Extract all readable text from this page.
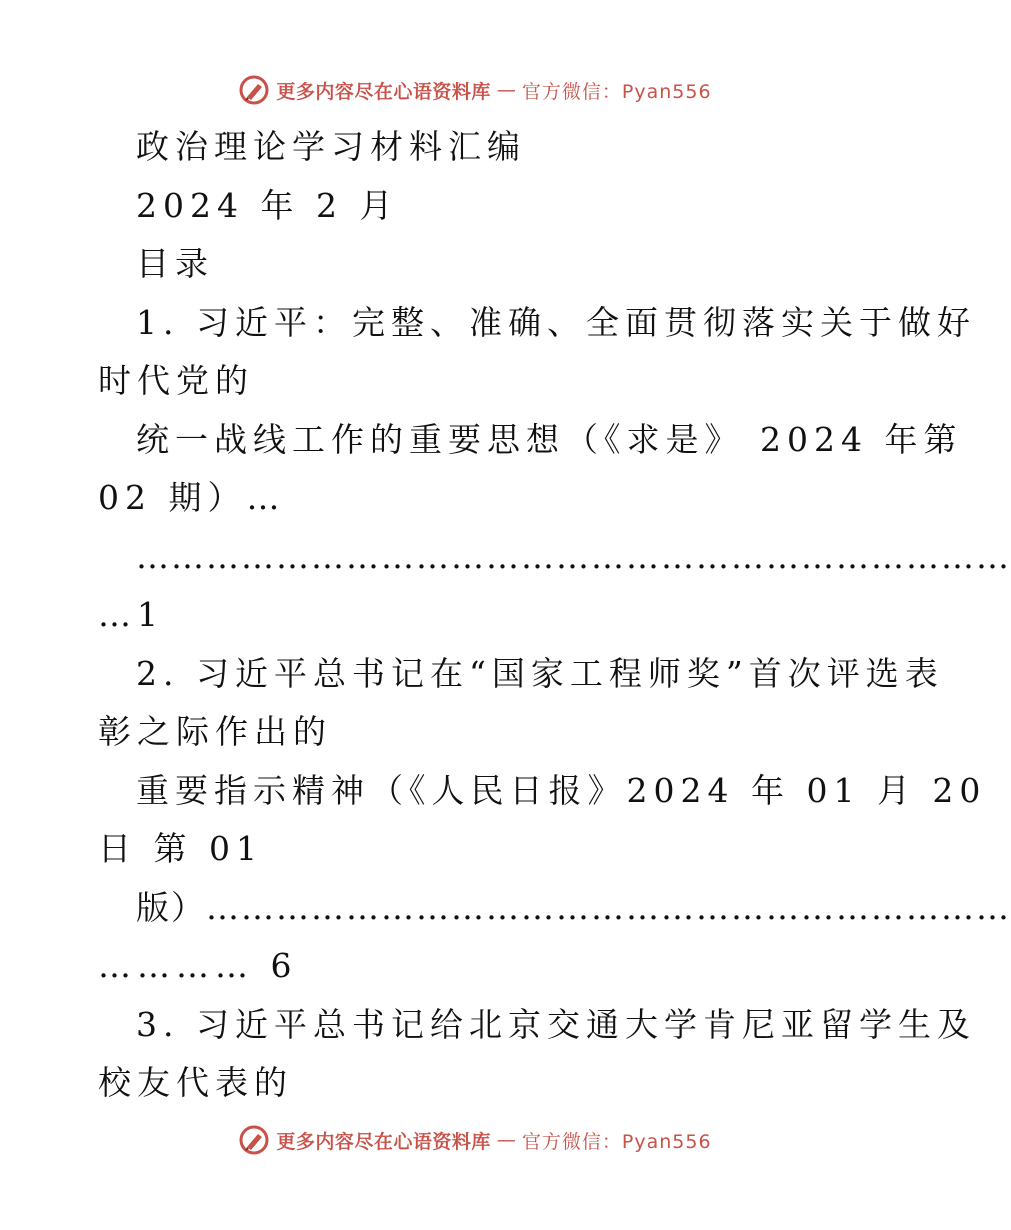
更多内容尽在心语资料库 — 官方微信：Pyan556
政治理论学习材料汇编
2024 年 2 月
目录
1. 习近平：完整、准确、全面贯彻落实关于做好
时代党的
统一战线工作的重要思想（《求是》 2024 年第
02 期）…
…………………………………………………………………
…1
2. 习近平总书记在“国家工程师奖”首次评选表
彰之际作出的
重要指示精神（《人民日报》2024 年 01 月 20
日 第 01
版）……………………………………………………………
………… 6
3. 习近平总书记给北京交通大学肯尼亚留学生及
校友代表的
更多内容尽在心语资料库 — 官方微信：Pyan556
